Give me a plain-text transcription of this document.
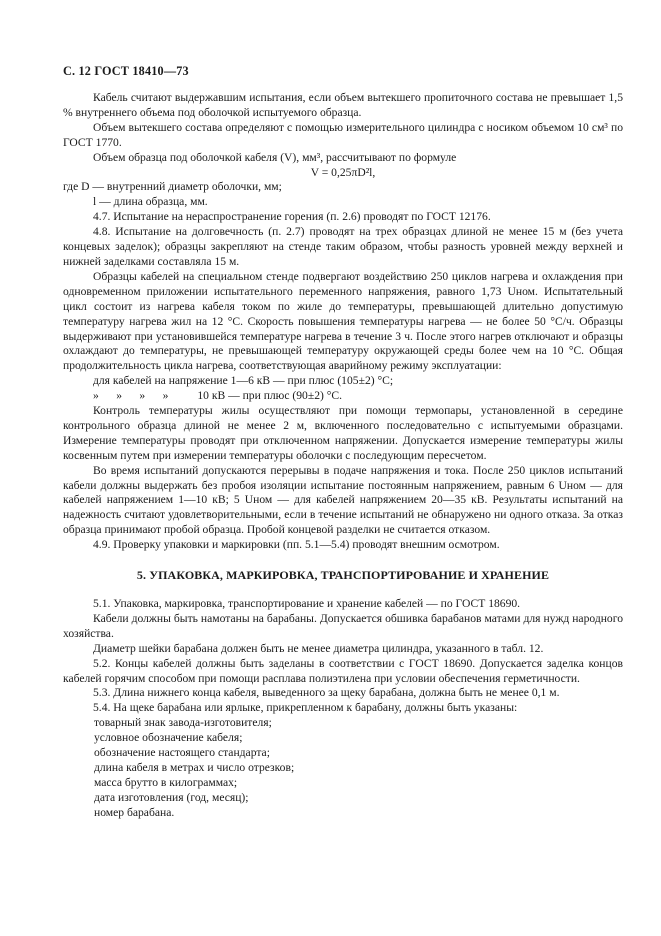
С. 12 ГОСТ 18410—73

Кабель считают выдержавшим испытания, если объем вытекшего пропиточного состава не превышает 1,5 % внутреннего объема под оболочкой испытуемого образца.

Объем вытекшего состава определяют с помощью измерительного цилиндра с носиком объемом 10 см³ по ГОСТ 1770.

Объем образца под оболочкой кабеля (V), мм³, рассчитывают по формуле

V = 0,25πD²l,

где D — внутренний диаметр оболочки, мм;

l — длина образца, мм.

4.7. Испытание на нераспространение горения (п. 2.6) проводят по ГОСТ 12176.

4.8. Испытание на долговечность (п. 2.7) проводят на трех образцах длиной не менее 15 м (без учета концевых заделок); образцы закрепляют на стенде таким образом, чтобы разность уровней между верхней и нижней заделками составляла 15 м.

Образцы кабелей на специальном стенде подвергают воздействию 250 циклов нагрева и охлаждения при одновременном приложении испытательного переменного напряжения, равного 1,73 Uном. Испытательный цикл состоит из нагрева кабеля током по жиле до температуры, превышающей длительно допустимую температуру нагрева жил на 12 °С. Скорость повышения температуры нагрева — не более 50 °С/ч. Образцы выдерживают при установившейся температуре нагрева в течение 3 ч. После этого нагрев отключают и образцы охлаждают до температуры, не превышающей температуру окружающей среды более чем на 10 °С. Общая продолжительность цикла нагрева, соответствующая аварийному режиму эксплуатации:

для кабелей на напряжение 1—6 кВ — при плюс (105±2) °С;

»      »      »      »          10 кВ — при плюс (90±2) °С.

Контроль температуры жилы осуществляют при помощи термопары, установленной в середине контрольного образца длиной не менее 2 м, включенного последовательно с испытуемыми образцами. Измерение температуры проводят при отключенном напряжении. Допускается измерение температуры жилы косвенным путем при измерении температуры оболочки с последующим пересчетом.

Во время испытаний допускаются перерывы в подаче напряжения и тока. После 250 циклов испытаний кабели должны выдержать без пробоя изоляции испытание постоянным напряжением, равным 6 Uном — для кабелей напряжением 1—10 кВ; 5 Uном — для кабелей напряжением 20—35 кВ. Результаты испытаний на надежность считают удовлетворительными, если в течение испытаний не обнаружено ни одного отказа. За отказ образца принимают пробой образца. Пробой концевой разделки не считается отказом.

4.9. Проверку упаковки и маркировки (пп. 5.1—5.4) проводят внешним осмотром.

5. УПАКОВКА, МАРКИРОВКА, ТРАНСПОРТИРОВАНИЕ И ХРАНЕНИЕ

5.1. Упаковка, маркировка, транспортирование и хранение кабелей — по ГОСТ 18690.

Кабели должны быть намотаны на барабаны. Допускается обшивка барабанов матами для нужд народного хозяйства.

Диаметр шейки барабана должен быть не менее диаметра цилиндра, указанного в табл. 12.

5.2. Концы кабелей должны быть заделаны в соответствии с ГОСТ 18690. Допускается заделка концов кабелей горячим способом при помощи расплава полиэтилена при условии обеспечения герметичности.

5.3. Длина нижнего конца кабеля, выведенного за щеку барабана, должна быть не менее 0,1 м.

5.4. На щеке барабана или ярлыке, прикрепленном к барабану, должны быть указаны:

товарный знак завода-изготовителя;

условное обозначение кабеля;

обозначение настоящего стандарта;

длина кабеля в метрах и число отрезков;

масса брутто в килограммах;

дата изготовления (год, месяц);

номер барабана.
